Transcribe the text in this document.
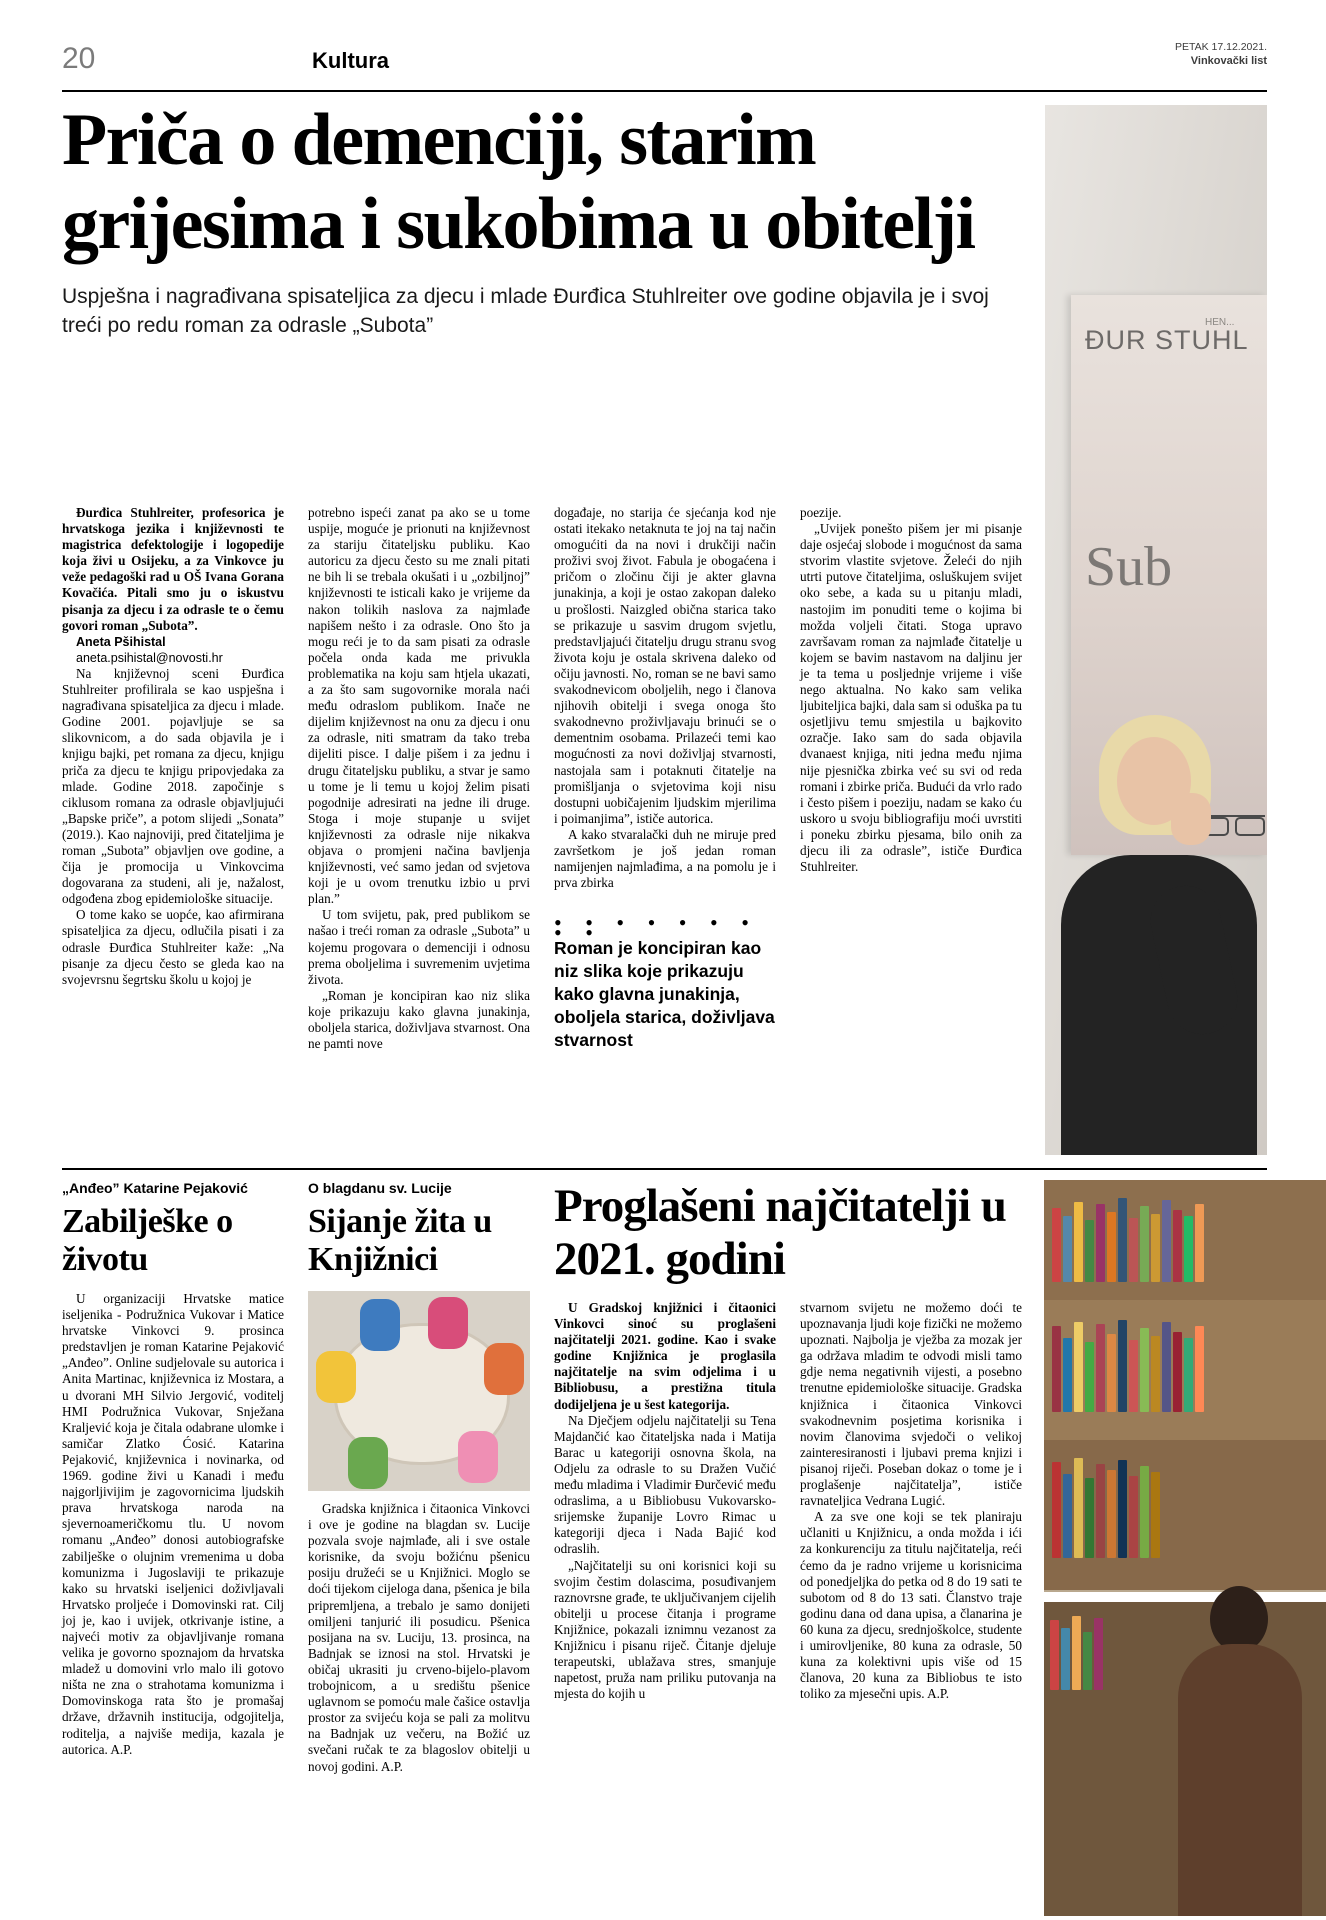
20	Kultura
PETAK 17.12.2021.
Vinkovački list
Priča o demenciji, starim grijesima i sukobima u obitelji
Uspješna i nagrađivana spisateljica za djecu i mlade Đurđica Stuhlreiter ove godine objavila je i svoj treći po redu roman za odrasle „Subota”	ĐUR STUHL
Sub
HEN...

Đurđica Stuhlreiter, profesorica je hrvatskoga jezika i književnosti te magistrica defektologije i logopedije koja živi u Osijeku, a za Vinkovce ju veže pedagoški rad u OŠ Ivana Gorana Kovačića. Pitali smo ju o iskustvu pisanja za djecu i za odrasle te o čemu govori roman „Subota”.

Aneta Pšihistal

aneta.psihistal@novosti.hr

Na književnoj sceni Đurđica Stuhlreiter profilirala se kao uspješna i nagrađivana spisateljica za djecu i mlade. Godine 2001. pojavljuje se sa slikovnicom, a do sada objavila je i knjigu bajki, pet romana za djecu, knjigu priča za djecu te knjigu pripovjedaka za mlade. Godine 2018. započinje s ciklusom romana za odrasle objavljujući „Bapske priče”, a potom slijedi „Sonata” (2019.). Kao najnoviji, pred čitateljima je roman „Subota” objavljen ove godine, a čija je promocija u Vinkovcima dogovarana za studeni, ali je, nažalost, odgođena zbog epidemiološke situacije.

O tome kako se uopće, kao afirmirana spisateljica za djecu, odlučila pisati i za odrasle Đurđica Stuhlreiter kaže: „Na pisanje za djecu često se gleda kao na svojevrsnu šegrtsku školu u kojoj je

potrebno ispeći zanat pa ako se u tome uspije, moguće je prionuti na književnost za stariju čitateljsku publiku. Kao autoricu za djecu često su me znali pitati ne bih li se trebala okušati i u „ozbiljnoj” književnosti te isticali kako je vrijeme da nakon tolikih naslova za najmlađe napišem nešto i za odrasle. Ono što ja mogu reći je to da sam pisati za odrasle počela onda kada me privukla problematika na koju sam htjela ukazati, a za što sam sugovornike morala naći među odraslom publikom. Inače ne dijelim književnost na onu za djecu i onu za odrasle, niti smatram da tako treba dijeliti pisce. I dalje pišem i za jednu i drugu čitateljsku publiku, a stvar je samo u tome je li temu u kojoj želim pisati pogodnije adresirati na jedne ili druge. Stoga i moje stupanje u svijet književnosti za odrasle nije nikakva objava o promjeni načina bavljenja književnosti, već samo jedan od svjetova koji je u ovom trenutku izbio u prvi plan.”

U tom svijetu, pak, pred publikom se našao i treći roman za odrasle „Subota” u kojemu progovara o demenciji i odnosu prema oboljelima i suvremenim uvjetima života.

„Roman je koncipiran kao niz slika koje prikazuju kako glavna junakinja, oboljela starica, doživljava stvarnost. Ona ne pamti nove

događaje, no starija će sjećanja kod nje ostati itekako netaknuta te joj na taj način omogućiti da na novi i drukčiji način proživi svoj život. Fabula je obogaćena i pričom o zločinu čiji je akter glavna junakinja, a koji je ostao zakopan daleko u prošlosti. Naizgled obična starica tako se prikazuje u sasvim drugom svjetlu, predstavljajući čitatelju drugu stranu svog života koju je ostala skrivena daleko od očiju javnosti. No, roman se ne bavi samo svakodnevicom oboljelih, nego i članova njihovih obitelji i svega onoga što svakodnevno proživljavaju brinući se o dementnim osobama. Prilazeći temi kao mogućnosti za novi doživljaj stvarnosti, nastojala sam i potaknuti čitatelje na promišljanja o svjetovima koji nisu dostupni uobičajenim ljudskim mjerilima i poimanjima”, ističe autorica.

A kako stvaralački duh ne miruje pred završetkom je još jedan roman namijenjen najmlađima, a na pomolu je i prva zbirka

poezije.

„Uvijek ponešto pišem jer mi pisanje daje osjećaj slobode i mogućnost da sama stvorim vlastite svjetove. Želeći do njih utrti putove čitateljima, osluškujem svijet oko sebe, a kada su u pitanju mladi, nastojim im ponuditi teme o kojima bi možda voljeli čitati. Stoga upravo završavam roman za najmlađe čitatelje u kojem se bavim nastavom na daljinu jer je ta tema u posljednje vrijeme i više nego aktualna. No kako sam velika ljubiteljica bajki, dala sam si oduška pa tu osjetljivu temu smjestila u bajkovito ozračje. Iako sam do sada objavila dvanaest knjiga, niti jedna među njima nije pjesnička zbirka već su svi od reda romani i zbirke priča. Budući da vrlo rado i često pišem i poeziju, nadam se kako ću uskoro u svoju bibliografiju moći uvrstiti i poneku zbirku pjesama, bilo onih za djecu ili za odrasle”, ističe Đurđica Stuhlreiter.

• • • • • • • • •
Roman je koncipiran kao niz slika koje prikazuju kako glavna junakinja, oboljela starica, doživljava stvarnost
„Anđeo” Katarine Pejaković
Zabilješke o životu

U organizaciji Hrvatske matice iseljenika - Podružnica Vukovar i Matice hrvatske Vinkovci 9. prosinca predstavljen je roman Katarine Pejaković „Anđeo”. Online sudjelovale su autorica i Anita Martinac, književnica iz Mostara, a u dvorani MH Silvio Jergović, voditelj HMI Podružnica Vukovar, Snježana Kraljević koja je čitala odabrane ulomke i samičar Zlatko Ćosić. Katarina Pejaković, književnica i novinarka, od 1969. godine živi u Kanadi i među najgorljivijim je zagovornicima ljudskih prava hrvatskoga naroda na sjevernoameričkomu tlu. U novom romanu „Anđeo” donosi autobiografske zabilješke o olujnim vremenima u doba komunizma i Jugoslaviji te prikazuje kako su hrvatski iseljenici doživljavali Hrvatsko proljeće i Domovinski rat. Cilj joj je, kao i uvijek, otkrivanje istine, a najveći motiv za objavljivanje romana velika je govorno spoznajom da hrvatska mladež u domovini vrlo malo ili gotovo ništa ne zna o strahotama komunizma i Domovinskoga rata što je promašaj države, državnih institucija, odgojitelja, roditelja, a najviše medija, kazala je autorica. A.P.

O blagdanu sv. Lucije
Sijanje žita u Knjižnici

Gradska knjižnica i čitaonica Vinkovci i ove je godine na blagdan sv. Lucije pozvala svoje najmlađe, ali i sve ostale korisnike, da svoju božićnu pšenicu posiju družeći se u Knjižnici. Moglo se doći tijekom cijeloga dana, pšenica je bila pripremljena, a trebalo je samo donijeti omiljeni tanjurić ili posudicu. Pšenica posijana na sv. Luciju, 13. prosinca, na Badnjak se iznosi na stol. Hrvatski je običaj ukrasiti ju crveno-bijelo-plavom trobojnicom, a u središtu pšenice uglavnom se pomoću male čašice ostavlja prostor za svijeću koja se pali za molitvu na Badnjak uz večeru, na Božić uz svečani ručak te za blagoslov obitelji u novoj godini. A.P.

Proglašeni najčitatelji u 2021. godini

U Gradskoj knjižnici i čitaonici Vinkovci sinoć su proglašeni najčitatelji 2021. godine. Kao i svake godine Knjižnica je proglasila najčitatelje na svim odjelima i u Bibliobusu, a prestižna titula dodijeljena je u šest kategorija.

Na Dječjem odjelu najčitatelji su Tena Majdančić kao čitateljska nada i Matija Barac u kategoriji osnovna škola, na Odjelu za odrasle to su Dražen Vučić među mladima i Vladimir Đurčević među odraslima, a u Bibliobusu Vukovarsko-srijemske županije Lovro Rimac u kategoriji djeca i Nada Bajić kod odraslih.

„Najčitatelji su oni korisnici koji su svojim čestim dolascima, posuđivanjem raznovrsne građe, te uključivanjem cijelih obitelji u procese čitanja i programe Knjižnice, pokazali iznimnu vezanost za Knjižnicu i pisanu riječ. Čitanje djeluje terapeutski, ublažava stres, smanjuje napetost, pruža nam priliku putovanja na mjesta do kojih u

stvarnom svijetu ne možemo doći te upoznavanja ljudi koje fizički ne možemo upoznati. Najbolja je vježba za mozak jer ga održava mladim te odvodi misli tamo gdje nema negativnih vijesti, a posebno trenutne epidemiološke situacije. Gradska knjižnica i čitaonica Vinkovci svakodnevnim posjetima korisnika i novim članovima svjedoči o velikoj zainteresiranosti i ljubavi prema knjizi i pisanoj riječi. Poseban dokaz o tome je i proglašenje najčitatelja”, ističe ravnateljica Vedrana Lugić.

A za sve one koji se tek planiraju učlaniti u Knjižnicu, a onda možda i ići za konkurenciju za titulu najčitatelja, reći ćemo da je radno vrijeme u korisnicima od ponedjeljka do petka od 8 do 19 sati te subotom od 8 do 13 sati. Članstvo traje godinu dana od dana upisa, a članarina je 60 kuna za djecu, srednjoškolce, studente i umirovljenike, 80 kuna za odrasle, 50 kuna za kolektivni upis više od 15 članova, 20 kuna za Bibliobus te isto toliko za mjesečni upis. A.P.
